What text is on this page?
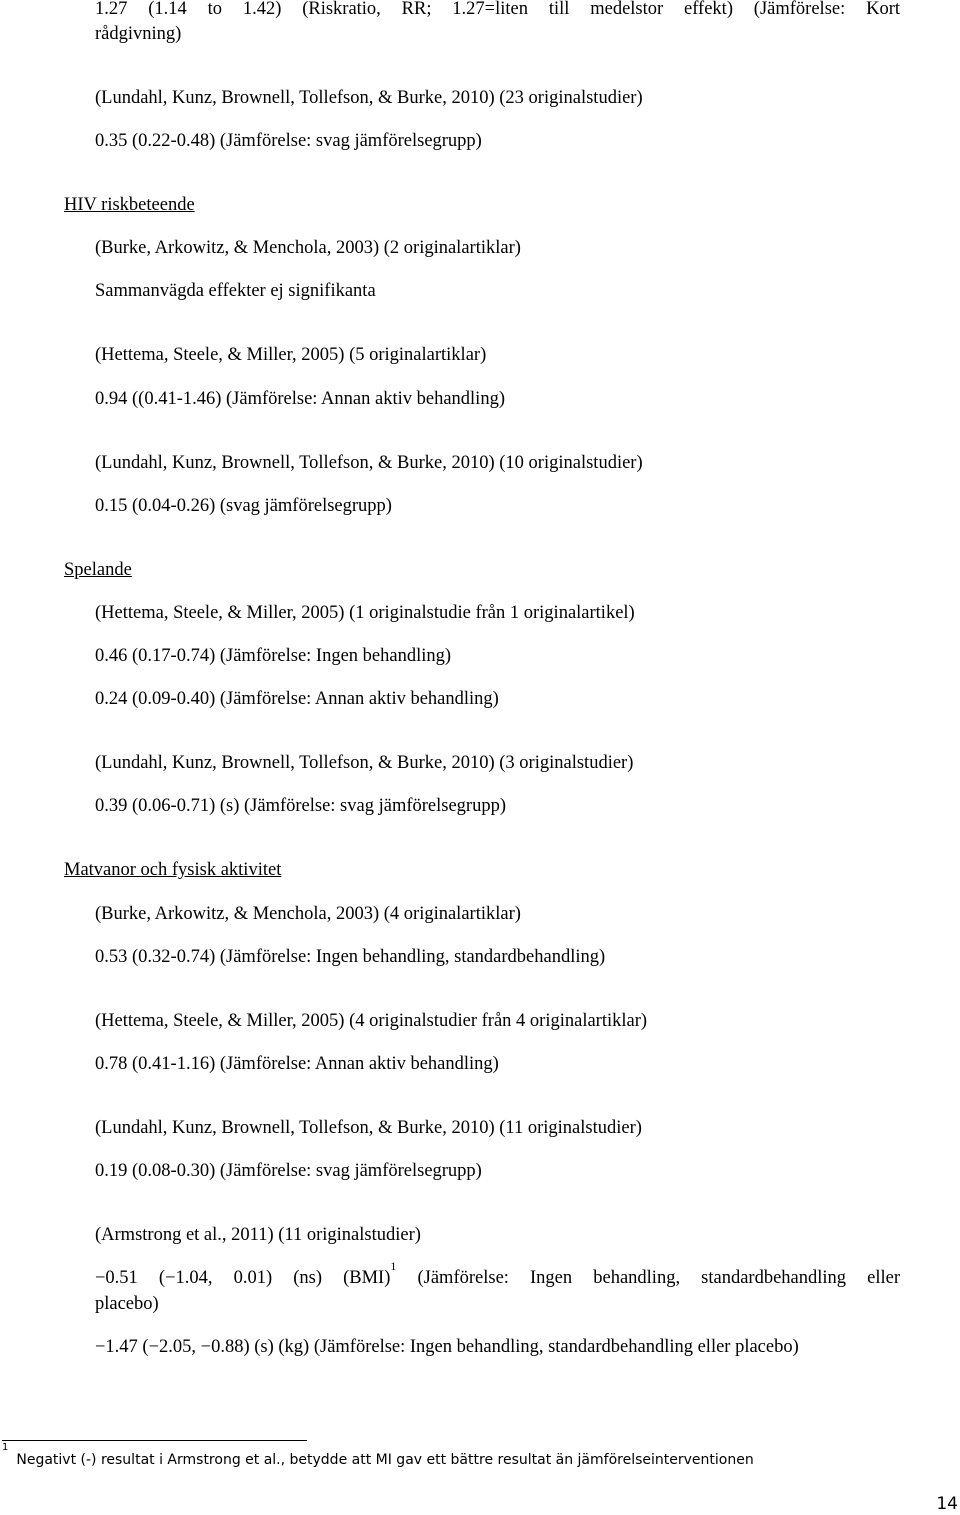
1.27 (1.14 to 1.42) (Riskratio, RR; 1.27=liten till medelstor effekt) (Jämförelse: Kort
rådgivning)
(Lundahl, Kunz, Brownell, Tollefson, & Burke, 2010) (23 originalstudier)
0.35 (0.22-0.48) (Jämförelse: svag jämförelsegrupp)
HIV riskbeteende
(Burke, Arkowitz, & Menchola, 2003) (2 originalartiklar)
Sammanvägda effekter ej signifikanta
(Hettema, Steele, & Miller, 2005) (5 originalartiklar)
0.94 ((0.41-1.46) (Jämförelse: Annan aktiv behandling)
(Lundahl, Kunz, Brownell, Tollefson, & Burke, 2010) (10 originalstudier)
0.15 (0.04-0.26) (svag jämförelsegrupp)
Spelande
(Hettema, Steele, & Miller, 2005) (1 originalstudie från 1 originalartikel)
0.46 (0.17-0.74) (Jämförelse: Ingen behandling)
0.24 (0.09-0.40) (Jämförelse: Annan aktiv behandling)
(Lundahl, Kunz, Brownell, Tollefson, & Burke, 2010) (3 originalstudier)
0.39 (0.06-0.71) (s) (Jämförelse: svag jämförelsegrupp)
Matvanor och fysisk aktivitet
(Burke, Arkowitz, & Menchola, 2003) (4 originalartiklar)
0.53 (0.32-0.74) (Jämförelse: Ingen behandling, standardbehandling)
(Hettema, Steele, & Miller, 2005) (4 originalstudier från 4 originalartiklar)
0.78 (0.41-1.16) (Jämförelse: Annan aktiv behandling)
(Lundahl, Kunz, Brownell, Tollefson, & Burke, 2010) (11 originalstudier)
0.19 (0.08-0.30) (Jämförelse: svag jämförelsegrupp)
(Armstrong et al., 2011) (11 originalstudier)
−0.51 (−1.04, 0.01) (ns) (BMI)$^1$ (Jämförelse: Ingen behandling, standardbehandling eller
placebo)
−1.47 (−2.05, −0.88) (s) (kg) (Jämförelse: Ingen behandling, standardbehandling eller placebo)
$^1$Negativt (-) resultat i Armstrong et al., betydde att MI gav ett bättre resultat än jämförelseinterventionen
14
